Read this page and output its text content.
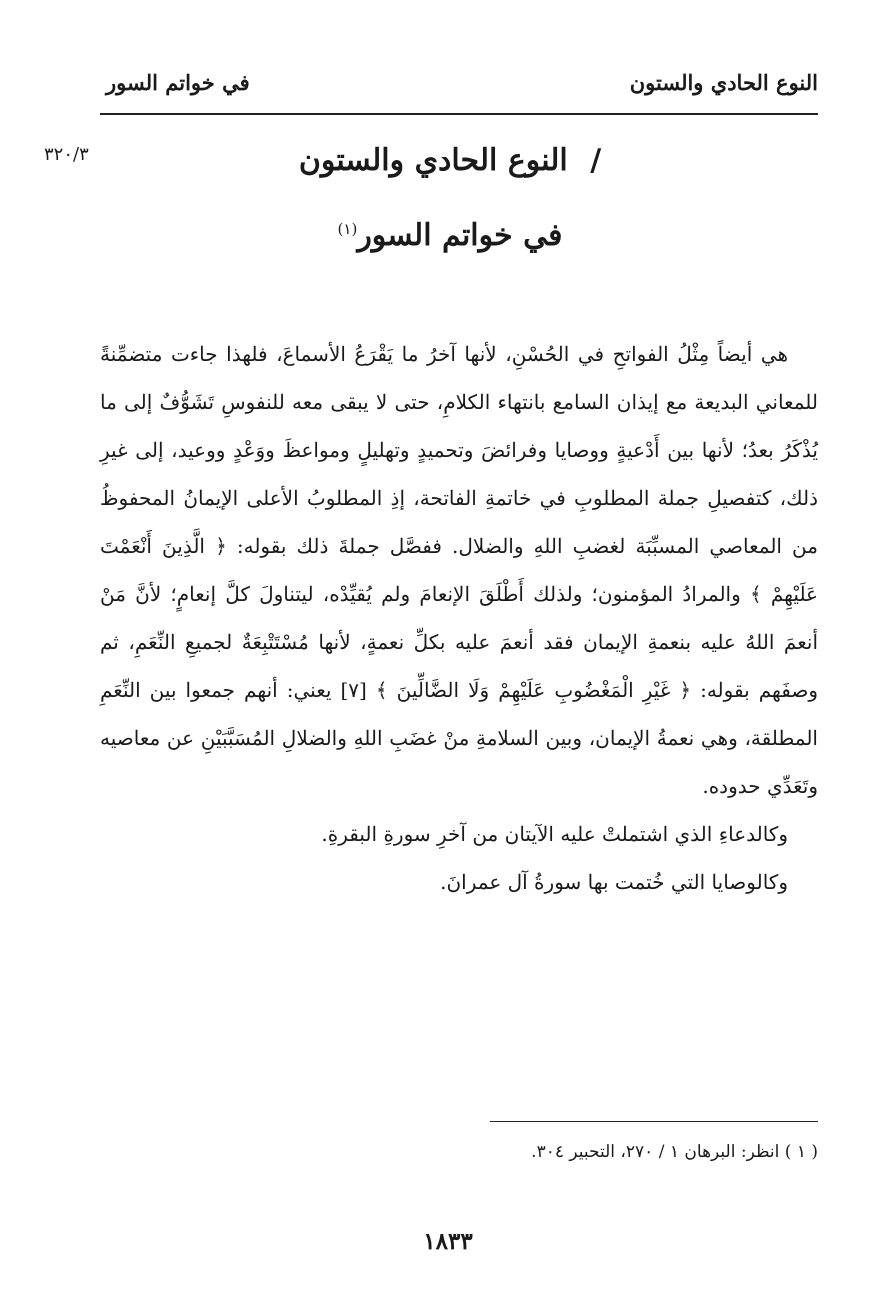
النوع الحادي والستون
في خواتم السور
٣٢٠/٣	/ النوع الحادي والستون
في خواتم السور$^{(١)}$

هي أيضاً مِثْلُ الفواتحِ في الحُسْنِ، لأنها آخرُ ما يَقْرَعُ الأسماعَ، فلهذا جاءت متضمِّنةً للمعاني البديعة مع إيذان السامع بانتهاء الكلامِ، حتى لا يبقى معه للنفوسِ تَشَوُّفٌ إلى ما يُذْكَرُ بعدُ؛ لأنها بين أَدْعيةٍ ووصايا وفرائضَ وتحميدٍ وتهليلٍ ومواعظَ ووَعْدٍ ووعيد، إلى غيرِ ذلك، كتفصيلِ جملة المطلوبِ في خاتمةِ الفاتحة، إذِ المطلوبُ الأعلى الإيمانُ المحفوظُ من المعاصي المسبِّبَة لغضبِ اللهِ والضلال. ففصَّل جملةَ ذلك بقوله: ﴿ الَّذِينَ أَنْعَمْتَ عَلَيْهِمْ ﴾ والمرادُ المؤمنون؛ ولذلك أَطْلَقَ الإنعامَ ولم يُقيِّدْه، ليتناولَ كلَّ إنعامٍ؛ لأنَّ مَنْ أنعمَ اللهُ عليه بنعمةِ الإيمان فقد أنعمَ عليه بكلِّ نعمةٍ، لأنها مُسْتَتْبِعَةٌ لجميعِ النِّعَمِ، ثم وصفَهم بقوله: ﴿ غَيْرِ الْمَغْضُوبِ عَلَيْهِمْ وَلَا الضَّالِّينَ ﴾ [٧] يعني: أنهم جمعوا بين النِّعَمِ المطلقة، وهي نعمةُ الإيمان، وبين السلامةِ منْ غضَبِ اللهِ والضلالِ المُسَبَّبَيْنِ عن معاصيه وتَعَدِّي حدوده.

وكالدعاءِ الذي اشتملتْ عليه الآيتان من آخرِ سورةِ البقرةِ.

وكالوصايا التي خُتمت بها سورةُ آل عمرانَ.

( ١ ) انظر: البرهان ١ / ٢٧٠، التحبير ٣٠٤.
١٨٣٣
